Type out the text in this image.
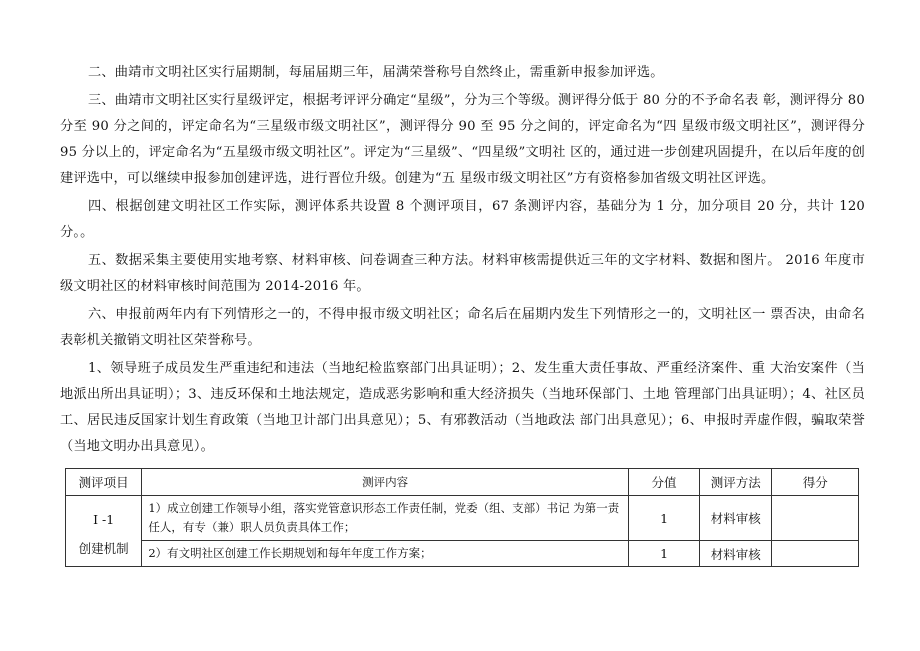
二、曲靖市文明社区实行届期制，每届届期三年，届满荣誉称号自然终止，需重新申报参加评选。

三、曲靖市文明社区实行星级评定，根据考评评分确定“星级”，分为三个等级。测评得分低于 80 分的不予命名表 彰，测评得分 80 分至 90 分之间的，评定命名为“三星级市级文明社区”，测评得分 90 至 95 分之间的，评定命名为“四 星级市级文明社区”，测评得分 95 分以上的，评定命名为“五星级市级文明社区”。评定为“三星级”、“四星级”文明社 区的，通过进一步创建巩固提升，在以后年度的创建评选中，可以继续申报参加创建评选，进行晋位升级。创建为“五 星级市级文明社区”方有资格参加省级文明社区评选。

四、根据创建文明社区工作实际，测评体系共设置 8 个测评项目，67 条测评内容，基础分为 1 分，加分项目 20 分，共计 120 分。。

五、数据采集主要使用实地考察、材料审核、问卷调查三种方法。材料审核需提供近三年的文字材料、数据和图片。 2016 年度市级文明社区的材料审核时间范围为 2014-2016 年。

六、申报前两年内有下列情形之一的，不得申报市级文明社区；命名后在届期内发生下列情形之一的，文明社区一 票否决，由命名表彰机关撤销文明社区荣誉称号。

1、领导班子成员发生严重违纪和违法（当地纪检监察部门出具证明）；2、发生重大责任事故、严重经济案件、重 大治安案件（当地派出所出具证明）；3、违反环保和土地法规定，造成恶劣影响和重大经济损失（当地环保部门、土地 管理部门出具证明）；4、社区员工、居民违反国家计划生育政策（当地卫计部门出具意见）；5、有邪教活动（当地政法 部门出具意见）；6、申报时弄虚作假，骗取荣誉（当地文明办出具意见）。

测评项目	测评内容	分值	测评方法	得分

Ⅰ -1
创建机制	1）成立创建工作领导小组，落实党管意识形态工作责任制，党委（组、支部）书记 为第一责任人，有专（兼）职人员负责具体工作；	1	材料审核	
	2）有文明社区创建工作长期规划和每年年度工作方案；	1	材料审核	
